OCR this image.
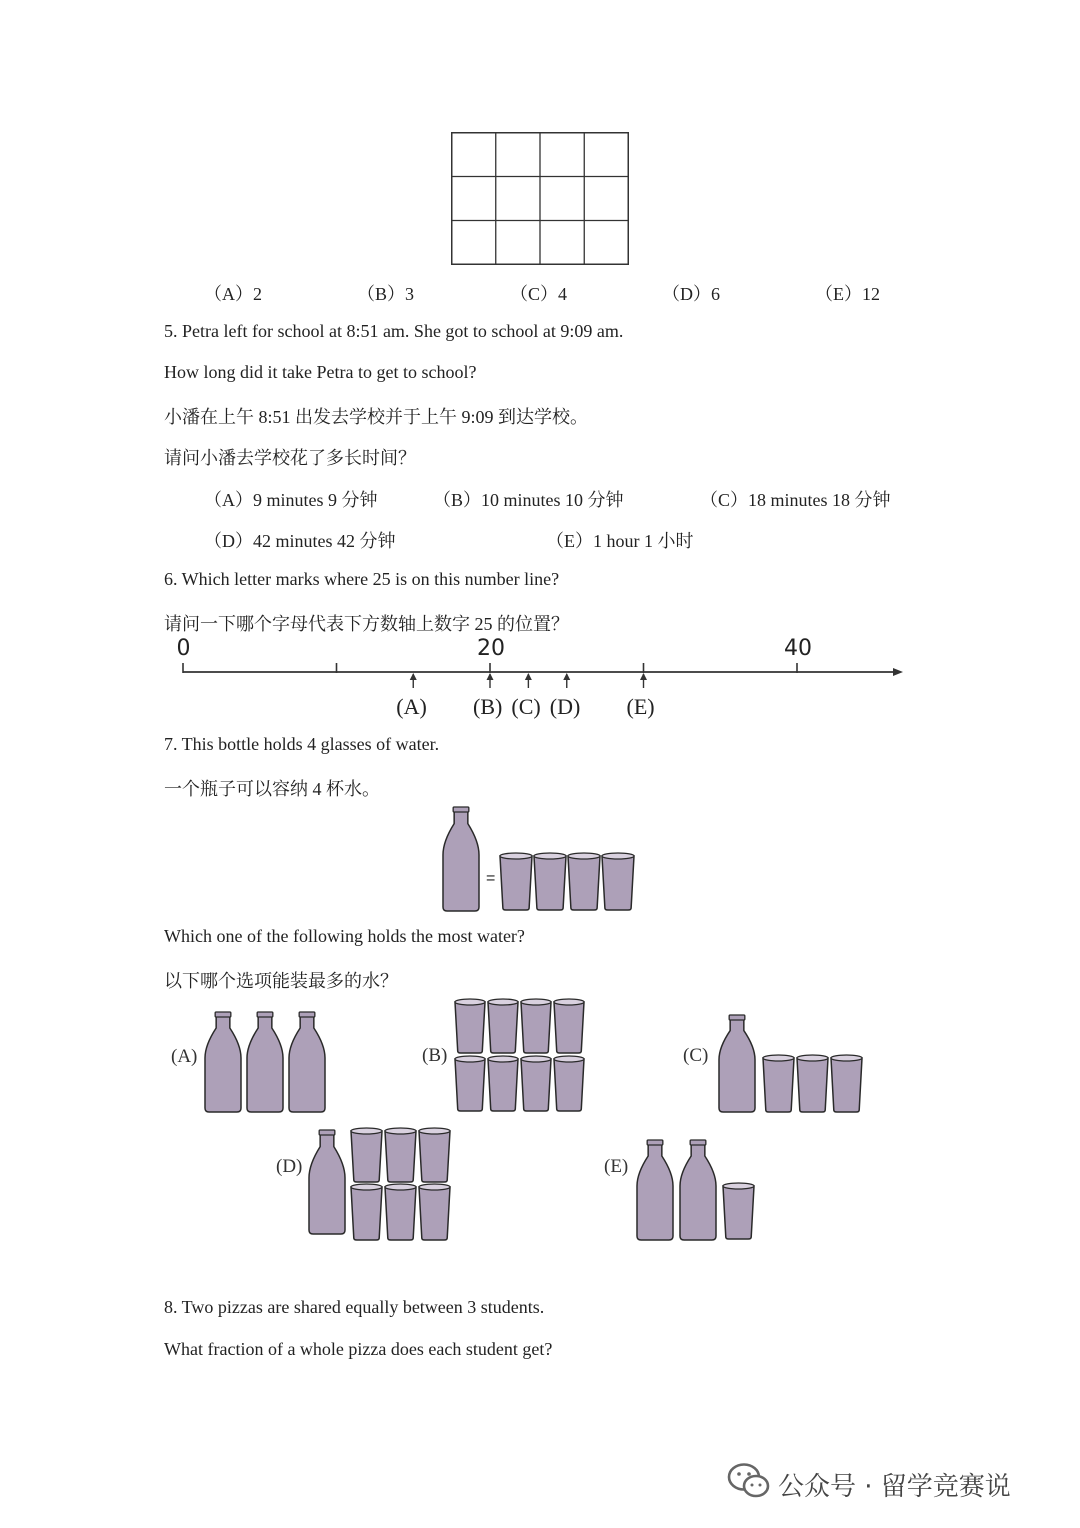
（A）2	（B）3	（C）4	（D）6	（E）12
5. Petra left for school at 8:51 am. She got to school at 9:09 am.
How long did it take Petra to get to school?
小潘在上午 8:51 出发去学校并于上午 9:09 到达学校。
请问小潘去学校花了多长时间？
（A）9 minutes 9 分钟	（B）10 minutes 10 分钟	（C）18 minutes 18 分钟
（D）42 minutes 42 分钟	（E）1 hour 1 小时
6. Which letter marks where 25 is on this number line?
请问一下哪个字母代表下方数轴上数字 25 的位置？
0	20	40
(A) (B) (C) (D) (E)
7. This bottle holds 4 glasses of water.
一个瓶子可以容纳 4 杯水。
=
(A)	(B)	(C)
(D)	(E)
Which one of the following holds the most water?
以下哪个选项能装最多的水？
8. Two pizzas are shared equally between 3 students.
What fraction of a whole pizza does each student get?
公众号 · 留学竞赛说
